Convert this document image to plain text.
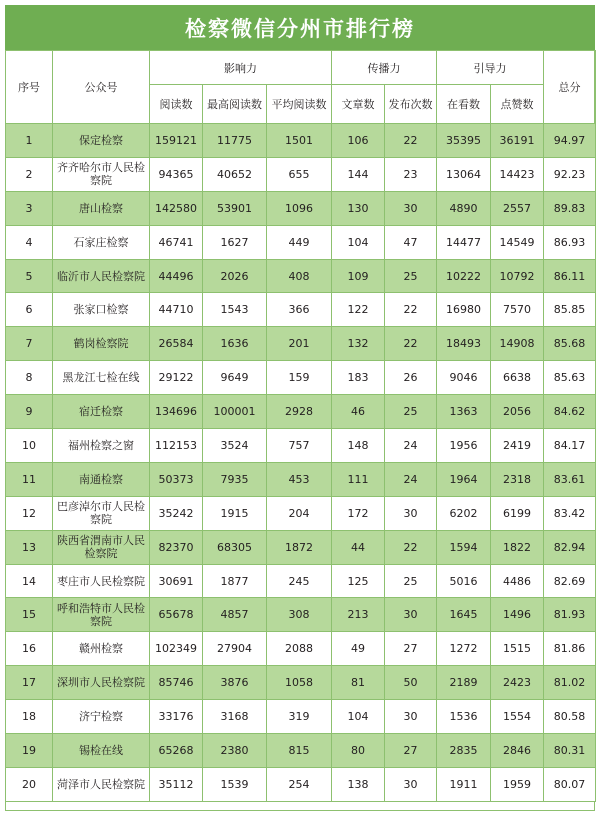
检察微信分州市排行榜
序号	公众号	影响力			传播力		引导力		总分
		阅读数	最高阅读数	平均阅读数	文章数	发布次数	在看数	点赞数	
1	保定检察	159121	11775	1501	106	22	35395	36191	94.97
2	齐齐哈尔市人民检察院	94365	40652	655	144	23	13064	14423	92.23
3	唐山检察	142580	53901	1096	130	30	4890	2557	89.83
4	石家庄检察	46741	1627	449	104	47	14477	14549	86.93
5	临沂市人民检察院	44496	2026	408	109	25	10222	10792	86.11
6	张家口检察	44710	1543	366	122	22	16980	7570	85.85
7	鹤岗检察院	26584	1636	201	132	22	18493	14908	85.68
8	黑龙江七检在线	29122	9649	159	183	26	9046	6638	85.63
9	宿迁检察	134696	100001	2928	46	25	1363	2056	84.62
10	福州检察之窗	112153	3524	757	148	24	1956	2419	84.17
11	南通检察	50373	7935	453	111	24	1964	2318	83.61
12	巴彦淖尔市人民检察院	35242	1915	204	172	30	6202	6199	83.42
13	陕西省渭南市人民检察院	82370	68305	1872	44	22	1594	1822	82.94
14	枣庄市人民检察院	30691	1877	245	125	25	5016	4486	82.69
15	呼和浩特市人民检察院	65678	4857	308	213	30	1645	1496	81.93
16	赣州检察	102349	27904	2088	49	27	1272	1515	81.86
17	深圳市人民检察院	85746	3876	1058	81	50	2189	2423	81.02
18	济宁检察	33176	3168	319	104	30	1536	1554	80.58
19	锡检在线	65268	2380	815	80	27	2835	2846	80.31
20	菏泽市人民检察院	35112	1539	254	138	30	1911	1959	80.07
